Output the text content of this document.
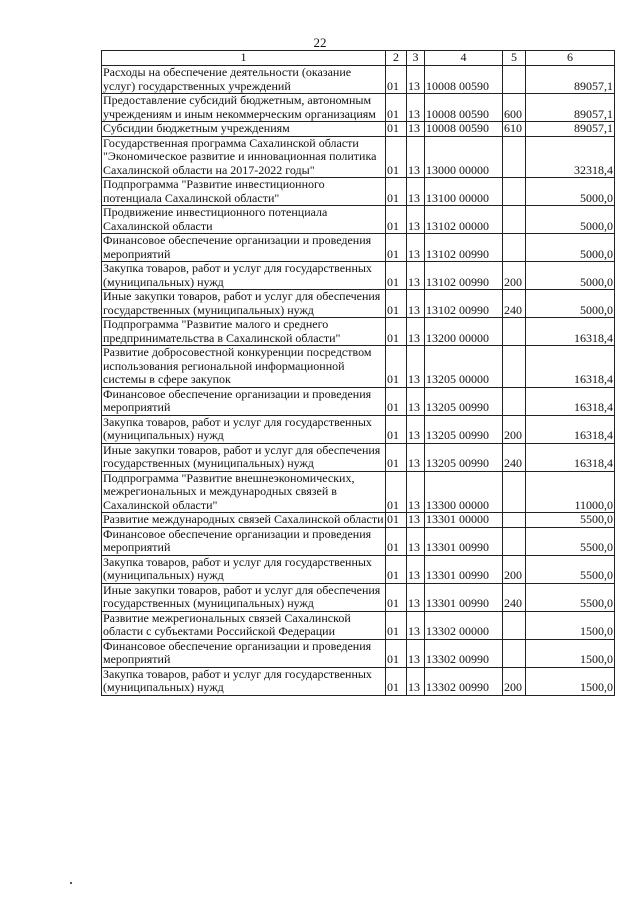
22
1	2	3	4	5	6
Расходы на обеспечение деятельности (оказание услуг) государственных учреждений	01	13	10008 00590		89057,1
Предоставление субсидий бюджетным, автономным учреждениям и иным некоммерческим организациям	01	13	10008 00590	600	89057,1
Субсидии бюджетным учреждениям	01	13	10008 00590	610	89057,1
Государственная программа Сахалинской области "Экономическое развитие и инновационная политика Сахалинской области на 2017-2022 годы"	01	13	13000 00000		32318,4
Подпрограмма "Развитие инвестиционного потенциала Сахалинской области"	01	13	13100 00000		5000,0
Продвижение инвестиционного потенциала Сахалинской области	01	13	13102 00000		5000,0
Финансовое обеспечение организации и проведения мероприятий	01	13	13102 00990		5000,0
Закупка товаров, работ и услуг для государственных (муниципальных) нужд	01	13	13102 00990	200	5000,0
Иные закупки товаров, работ и услуг для обеспечения государственных (муниципальных) нужд	01	13	13102 00990	240	5000,0
Подпрограмма "Развитие малого и среднего предпринимательства в Сахалинской области"	01	13	13200 00000		16318,4
Развитие добросовестной конкуренции посредством использования региональной информационной системы в сфере закупок	01	13	13205 00000		16318,4
Финансовое обеспечение организации и проведения мероприятий	01	13	13205 00990		16318,4
Закупка товаров, работ и услуг для государственных (муниципальных) нужд	01	13	13205 00990	200	16318,4
Иные закупки товаров, работ и услуг для обеспечения государственных (муниципальных) нужд	01	13	13205 00990	240	16318,4
Подпрограмма "Развитие внешнеэкономических, межрегиональных и международных связей в Сахалинской области"	01	13	13300 00000		11000,0
Развитие международных связей Сахалинской области	01	13	13301 00000		5500,0
Финансовое обеспечение организации и проведения мероприятий	01	13	13301 00990		5500,0
Закупка товаров, работ и услуг для государственных (муниципальных) нужд	01	13	13301 00990	200	5500,0
Иные закупки товаров, работ и услуг для обеспечения государственных (муниципальных) нужд	01	13	13301 00990	240	5500,0
Развитие межрегиональных связей Сахалинской области с субъектами Российской Федерации	01	13	13302 00000		1500,0
Финансовое обеспечение организации и проведения мероприятий	01	13	13302 00990		1500,0
Закупка товаров, работ и услуг для государственных (муниципальных) нужд	01	13	13302 00990	200	1500,0
